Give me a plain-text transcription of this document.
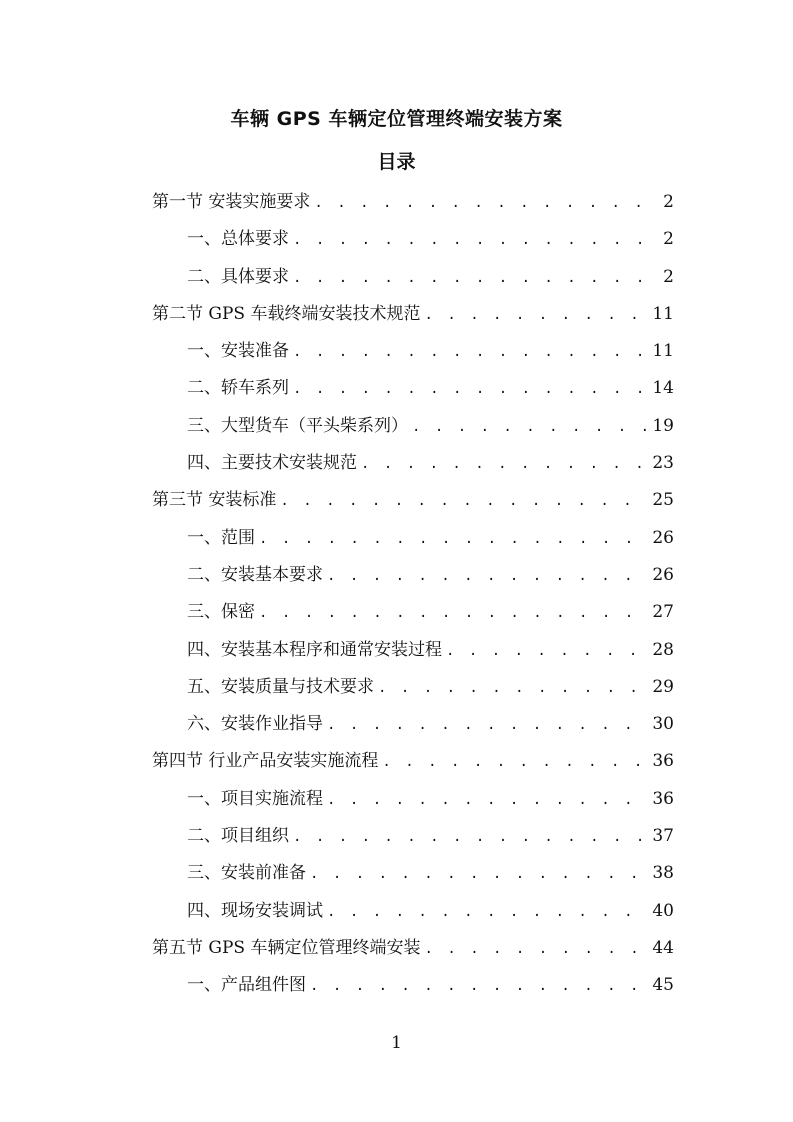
车辆 GPS 车辆定位管理终端安装方案
目录
第一节 安装实施要求 . . .	2
一、总体要求 . . .	2
二、具体要求 . . .	2
第二节 GPS 车载终端安装技术规范 . . .	11
一、安装准备 . . .	11
二、轿车系列 . . .	14
三、大型货车（平头柴系列） . . .	19
四、主要技术安装规范 . . .	23
第三节 安装标准 . . .	25
一、范围 . . .	26
二、安装基本要求 . . .	26
三、保密 . . .	27
四、安装基本程序和通常安装过程 . . .	28
五、安装质量与技术要求 . . .	29
六、安装作业指导 . . .	30
第四节 行业产品安装实施流程 . . .	36
一、项目实施流程 . . .	36
二、项目组织 . . .	37
三、安装前准备 . . .	38
四、现场安装调试 . . .	40
第五节 GPS 车辆定位管理终端安装 . . .	44
一、产品组件图 . . .	45
1
